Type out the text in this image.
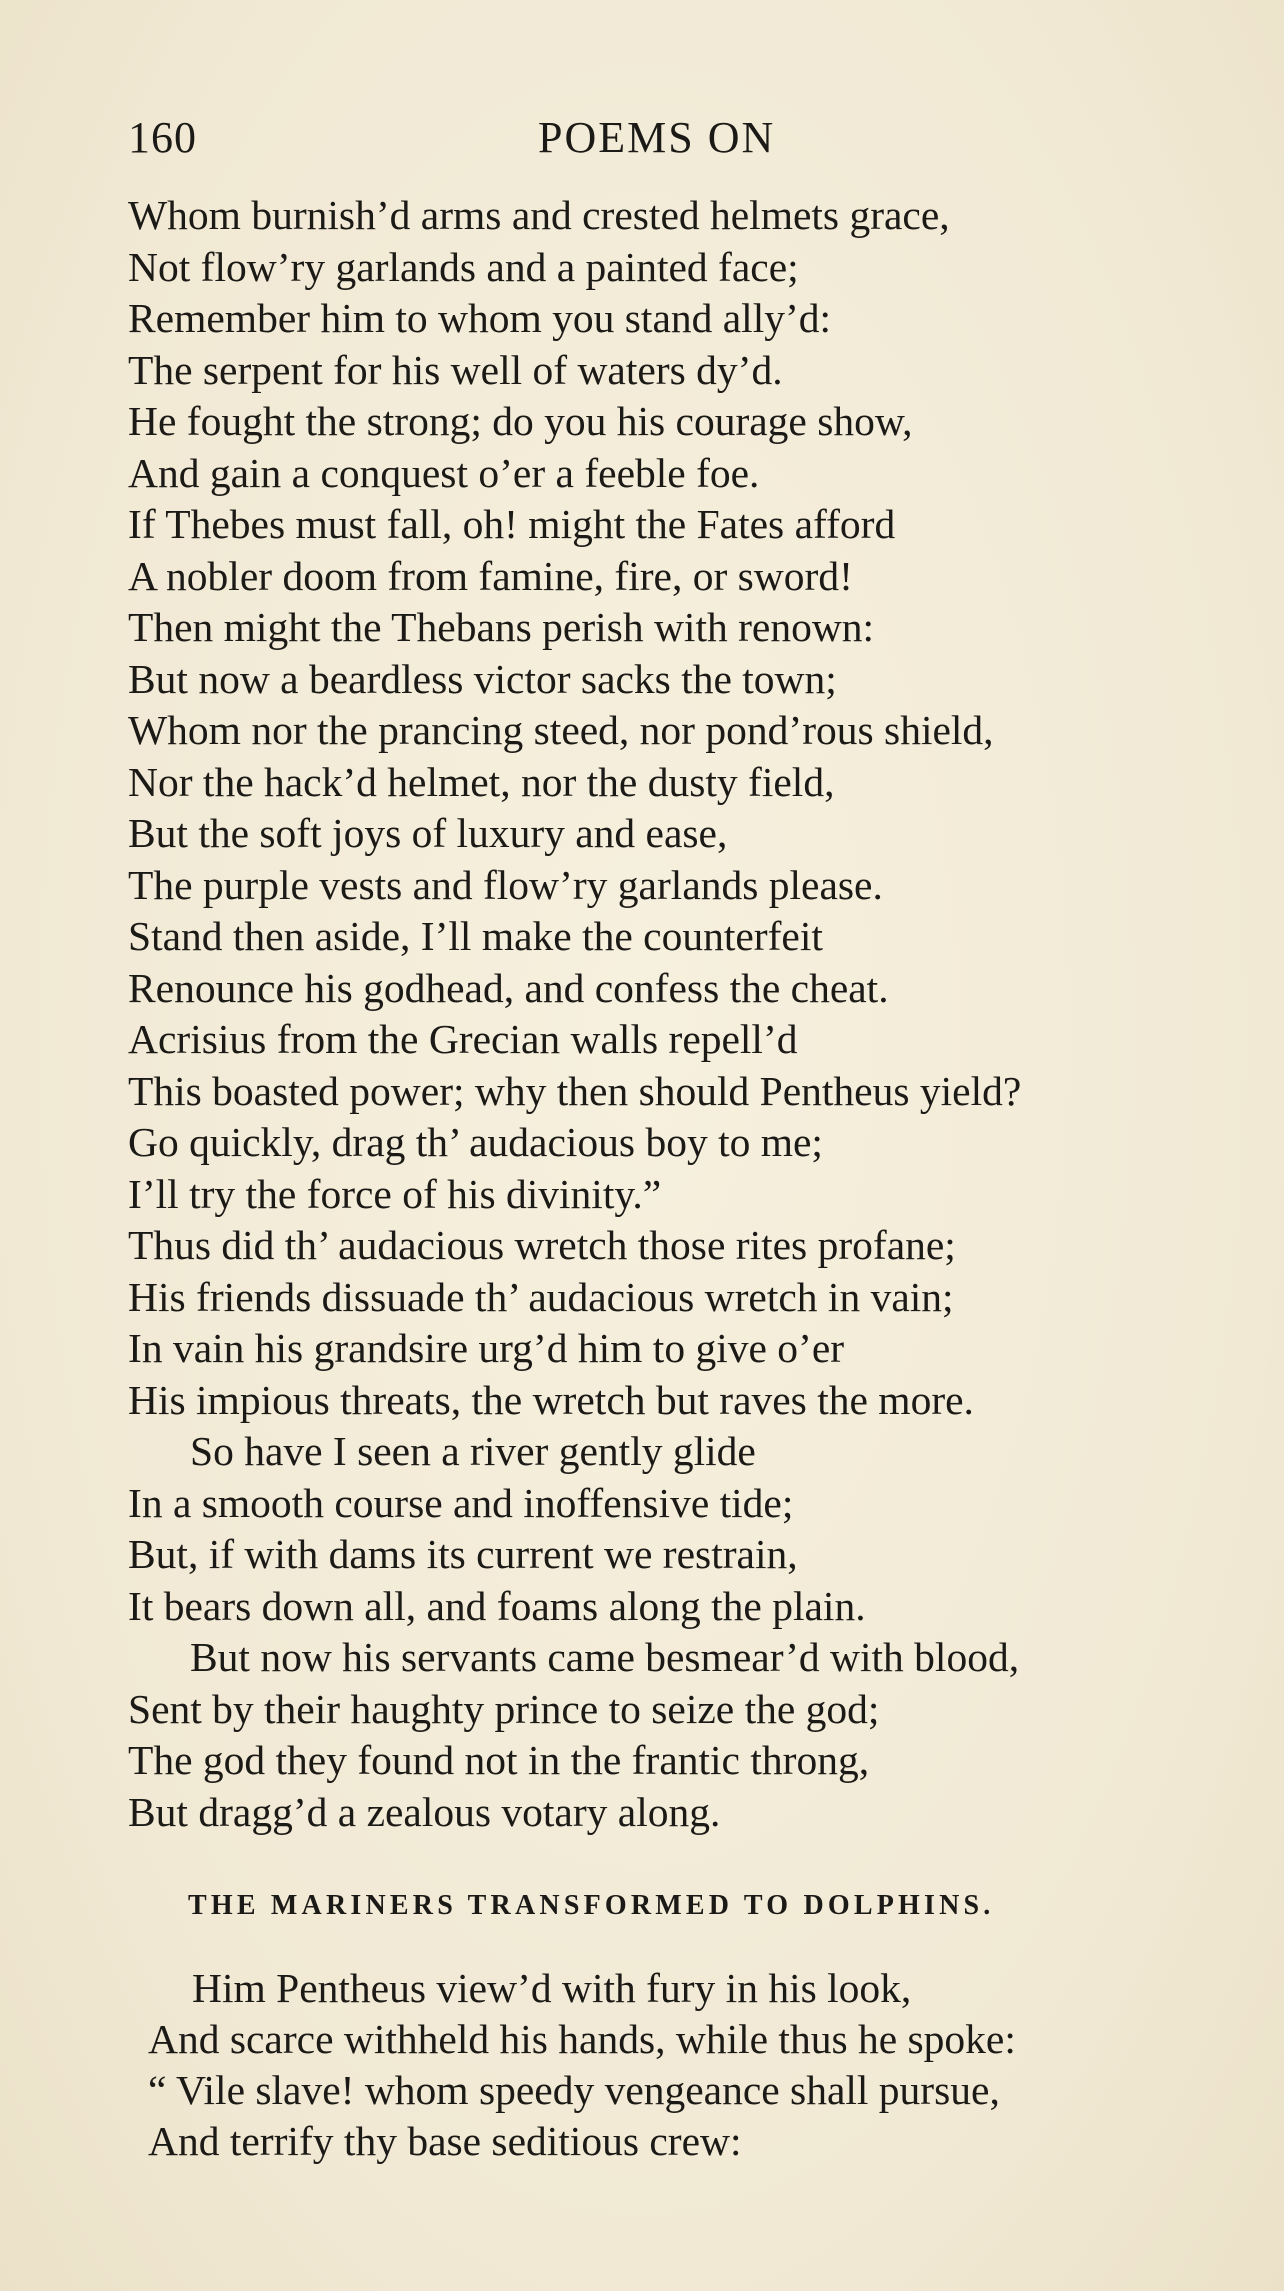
160	POEMS ON
Whom burnish’d arms and crested helmets grace,
Not flow’ry garlands and a painted face;
Remember him to whom you stand ally’d:
The serpent for his well of waters dy’d.
He fought the strong; do you his courage show,
And gain a conquest o’er a feeble foe.
If Thebes must fall, oh! might the Fates afford
A nobler doom from famine, fire, or sword!
Then might the Thebans perish with renown:
But now a beardless victor sacks the town;
Whom nor the prancing steed, nor pond’rous shield,
Nor the hack’d helmet, nor the dusty field,
But the soft joys of luxury and ease,
The purple vests and flow’ry garlands please.
Stand then aside, I’ll make the counterfeit
Renounce his godhead, and confess the cheat.
Acrisius from the Grecian walls repell’d
This boasted power; why then should Pentheus yield?
Go quickly, drag th’ audacious boy to me;
I’ll try the force of his divinity.”
Thus did th’ audacious wretch those rites profane;
His friends dissuade th’ audacious wretch in vain;
In vain his grandsire urg’d him to give o’er
His impious threats, the wretch but raves the more.
So have I seen a river gently glide
In a smooth course and inoffensive tide;
But, if with dams its current we restrain,
It bears down all, and foams along the plain.
But now his servants came besmear’d with blood,
Sent by their haughty prince to seize the god;
The god they found not in the frantic throng,
But dragg’d a zealous votary along.
THE MARINERS TRANSFORMED TO DOLPHINS.
Him Pentheus view’d with fury in his look,
And scarce withheld his hands, while thus he spoke:
“ Vile slave! whom speedy vengeance shall pursue,
And terrify thy base seditious crew:
